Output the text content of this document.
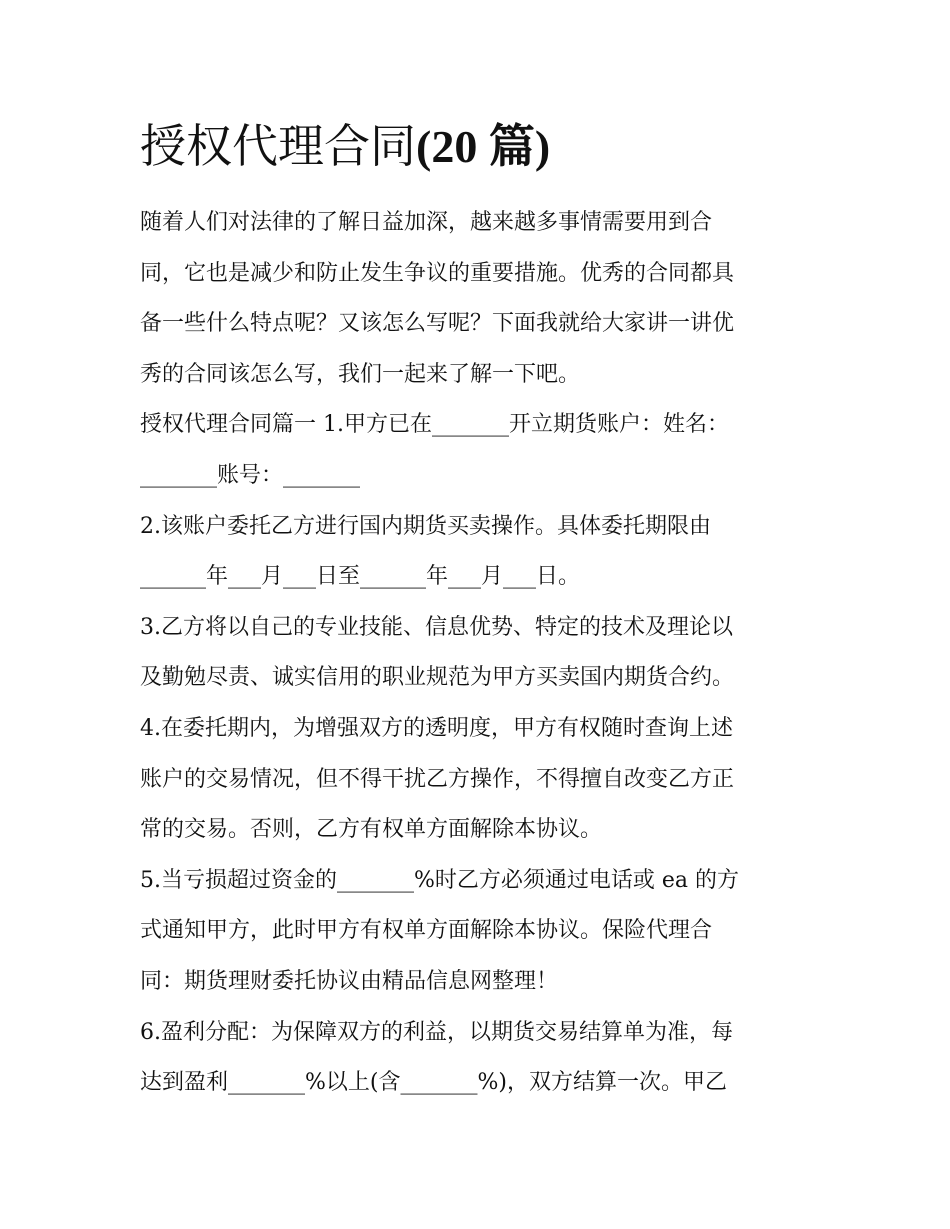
授权代理合同(20 篇)
随着人们对法律的了解日益加深，越来越多事情需要用到合
同，它也是减少和防止发生争议的重要措施。优秀的合同都具
备一些什么特点呢？又该怎么写呢？下面我就给大家讲一讲优
秀的合同该怎么写，我们一起来了解一下吧。
授权代理合同篇一 1.甲方已在_______开立期货账户：姓名：
_______账号：_______
2.该账户委托乙方进行国内期货买卖操作。具体委托期限由
______年___月___日至______年___月___日。
3.乙方将以自己的专业技能、信息优势、特定的技术及理论以
及勤勉尽责、诚实信用的职业规范为甲方买卖国内期货合约。
4.在委托期内，为增强双方的透明度，甲方有权随时查询上述
账户的交易情况，但不得干扰乙方操作，不得擅自改变乙方正
常的交易。否则，乙方有权单方面解除本协议。
5.当亏损超过资金的_______%时乙方必须通过电话或 ea 的方
式通知甲方，此时甲方有权单方面解除本协议。保险代理合
同：期货理财委托协议由精品信息网整理！
6.盈利分配：为保障双方的利益，以期货交易结算单为准，每
达到盈利_______%以上(含_______%)，双方结算一次。甲乙
